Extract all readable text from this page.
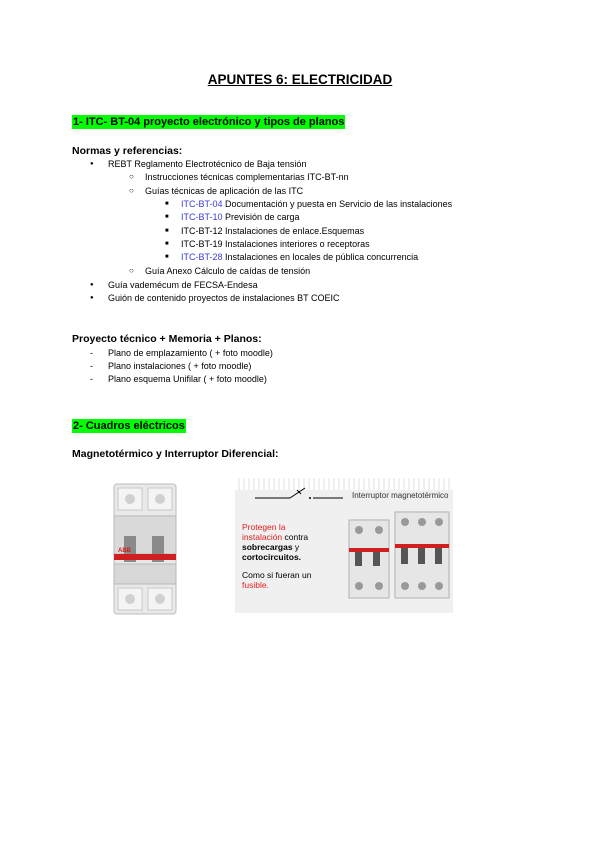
APUNTES 6: ELECTRICIDAD
1- ITC- BT-04 proyecto electrónico y tipos de planos
Normas y referencias:
● REBT Reglamento Electrotécnico de Baja tensión
○ Instrucciones técnicas complementarias ITC-BT-nn
○ Guías técnicas de aplicación de las ITC
■ ITC-BT-04 Documentación y puesta en Servicio de las instalaciones
■ ITC-BT-10 Previsión de carga
■ ITC-BT-12 Instalaciones de enlace.Esquemas
■ ITC-BT-19 Instalaciones interiores o receptoras
■ ITC-BT-28 Instalaciones en locales de pública concurrencia
○ Guía Anexo Cálculo de caídas de tensión
● Guía vademécum de FECSA-Endesa
● Guión de contenido proyectos de instalaciones BT COEIC
Proyecto técnico + Memoria + Planos:
- Plano de emplazamiento ( + foto moodle)
- Plano instalaciones ( + foto moodle)
- Plano esquema Unifilar ( + foto moodle)
2- Cuadros eléctricos
Magnetotérmico y Interruptor Diferencial:
ABB
Interruptor magnetotérmico
Protegen la
instalación contra
sobrecargas y
cortocircuitos.
Como si fueran un
fusible.
